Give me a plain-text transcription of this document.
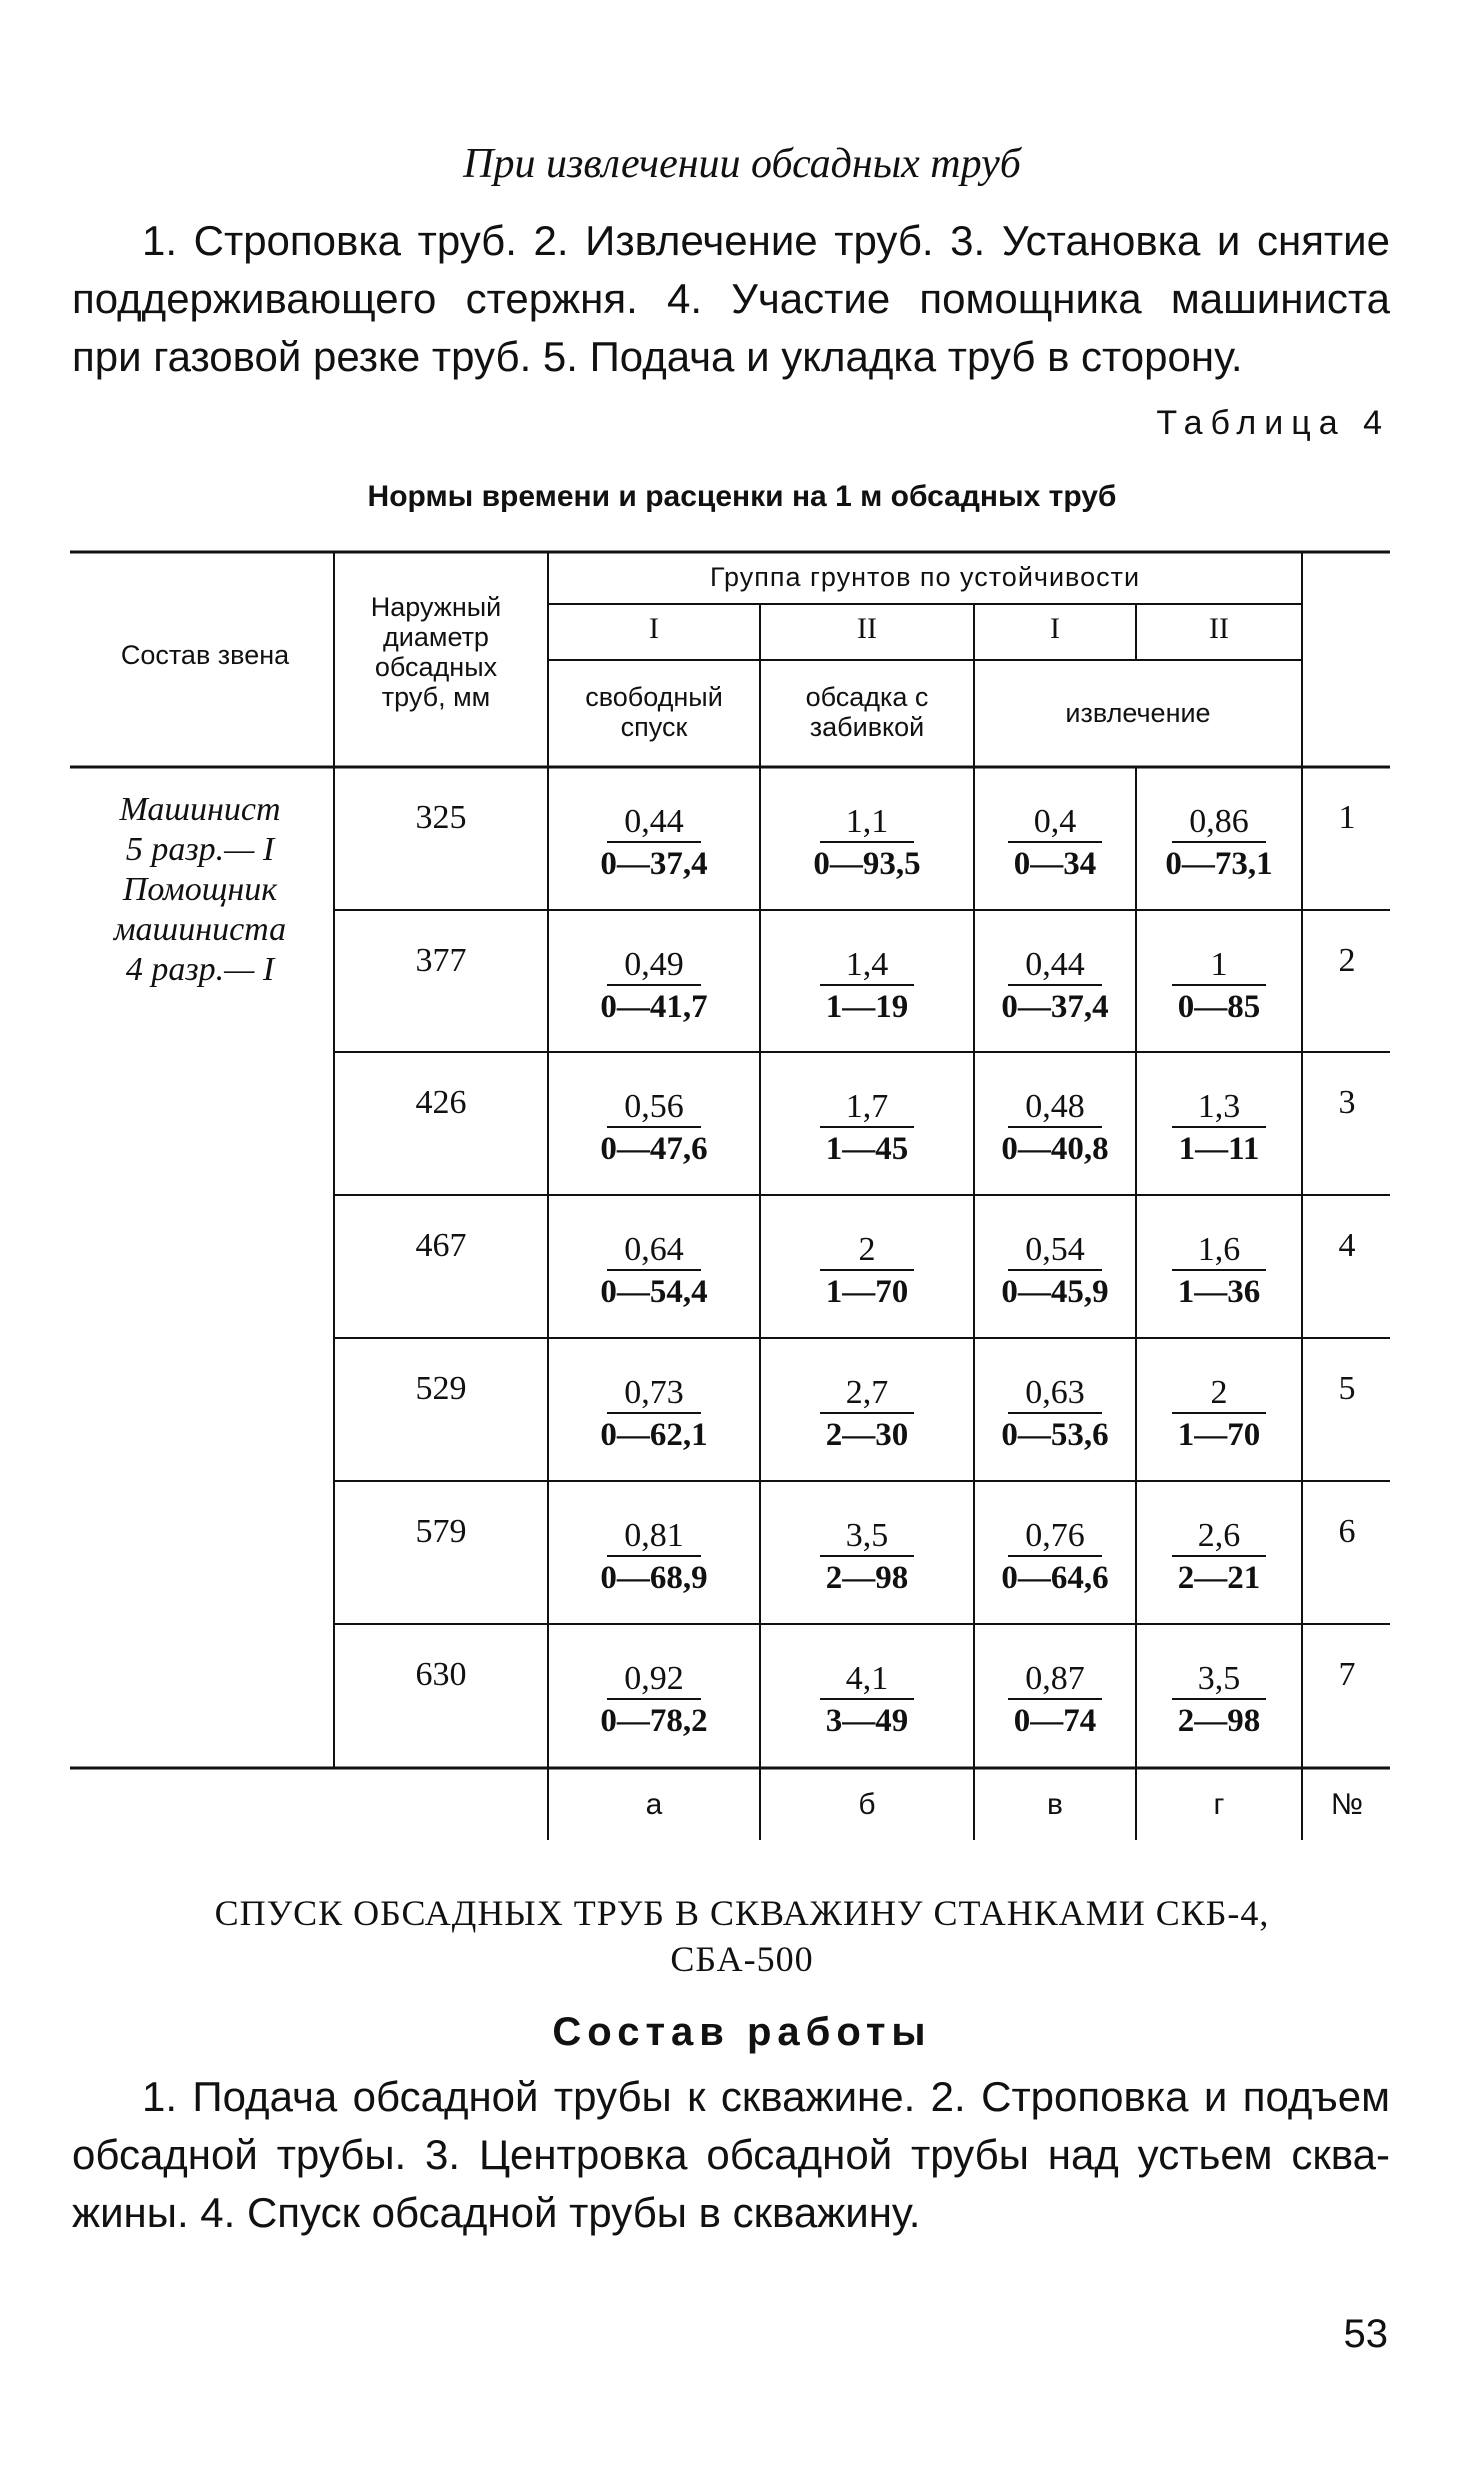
При извлечении обсадных труб
1. Строповка труб. 2. Извлечение труб. 3. Установка и снятие
поддерживающего стержня. 4. Участие помощника машиниста
при газовой резке труб. 5. Подача и укладка труб в сторону.
Таблица 4
Нормы времени и расценки на 1 м обсадных труб
Состав звена
Наружный диаметр обсадных труб, мм
Группа грунтов по устойчивости
I	II	I	II
свободный спуск
обсадка с забивкой	извлечение
Машинист
5 разр.— I
Помощник
машиниста
4 разр.— I
325	$\frac{0,44}{0—37,4} \frac{1,1}{0—93,5} \frac{0,4}{0—34} \frac{0,86}{0—73,1}$	1
377	$\frac{0,49}{0—41,7} \frac{1,4}{1—19} \frac{0,44}{0—37,4} \frac{1}{0—85}$	2
426	$\frac{0,56}{0—47,6} \frac{1,7}{1—45} \frac{0,48}{0—40,8} \frac{1,3}{1—11}$	3
467	$\frac{0,64}{0—54,4} \frac{2}{1—70} \frac{0,54}{0—45,9} \frac{1,6}{1—36}$	4
529	$\frac{0,73}{0—62,1} \frac{2,7}{2—30} \frac{0,63}{0—53,6} \frac{2}{1—70}$	5
579	$\frac{0,81}{0—68,9} \frac{3,5}{2—98} \frac{0,76}{0—64,6} \frac{2,6}{2—21}$	6
630	$\frac{0,92}{0—78,2} \frac{4,1}{3—49} \frac{0,87}{0—74} \frac{3,5}{2—98}$	7
а	б	в	г	№
СПУСК ОБСАДНЫХ ТРУБ В СКВАЖИНУ СТАНКАМИ СКБ-4,
СБА-500
Состав работы
1. Подача обсадной трубы к скважине. 2. Строповка и подъем
обсадной трубы. 3. Центровка обсадной трубы над устьем сква-
жины. 4. Спуск обсадной трубы в скважину.
53
